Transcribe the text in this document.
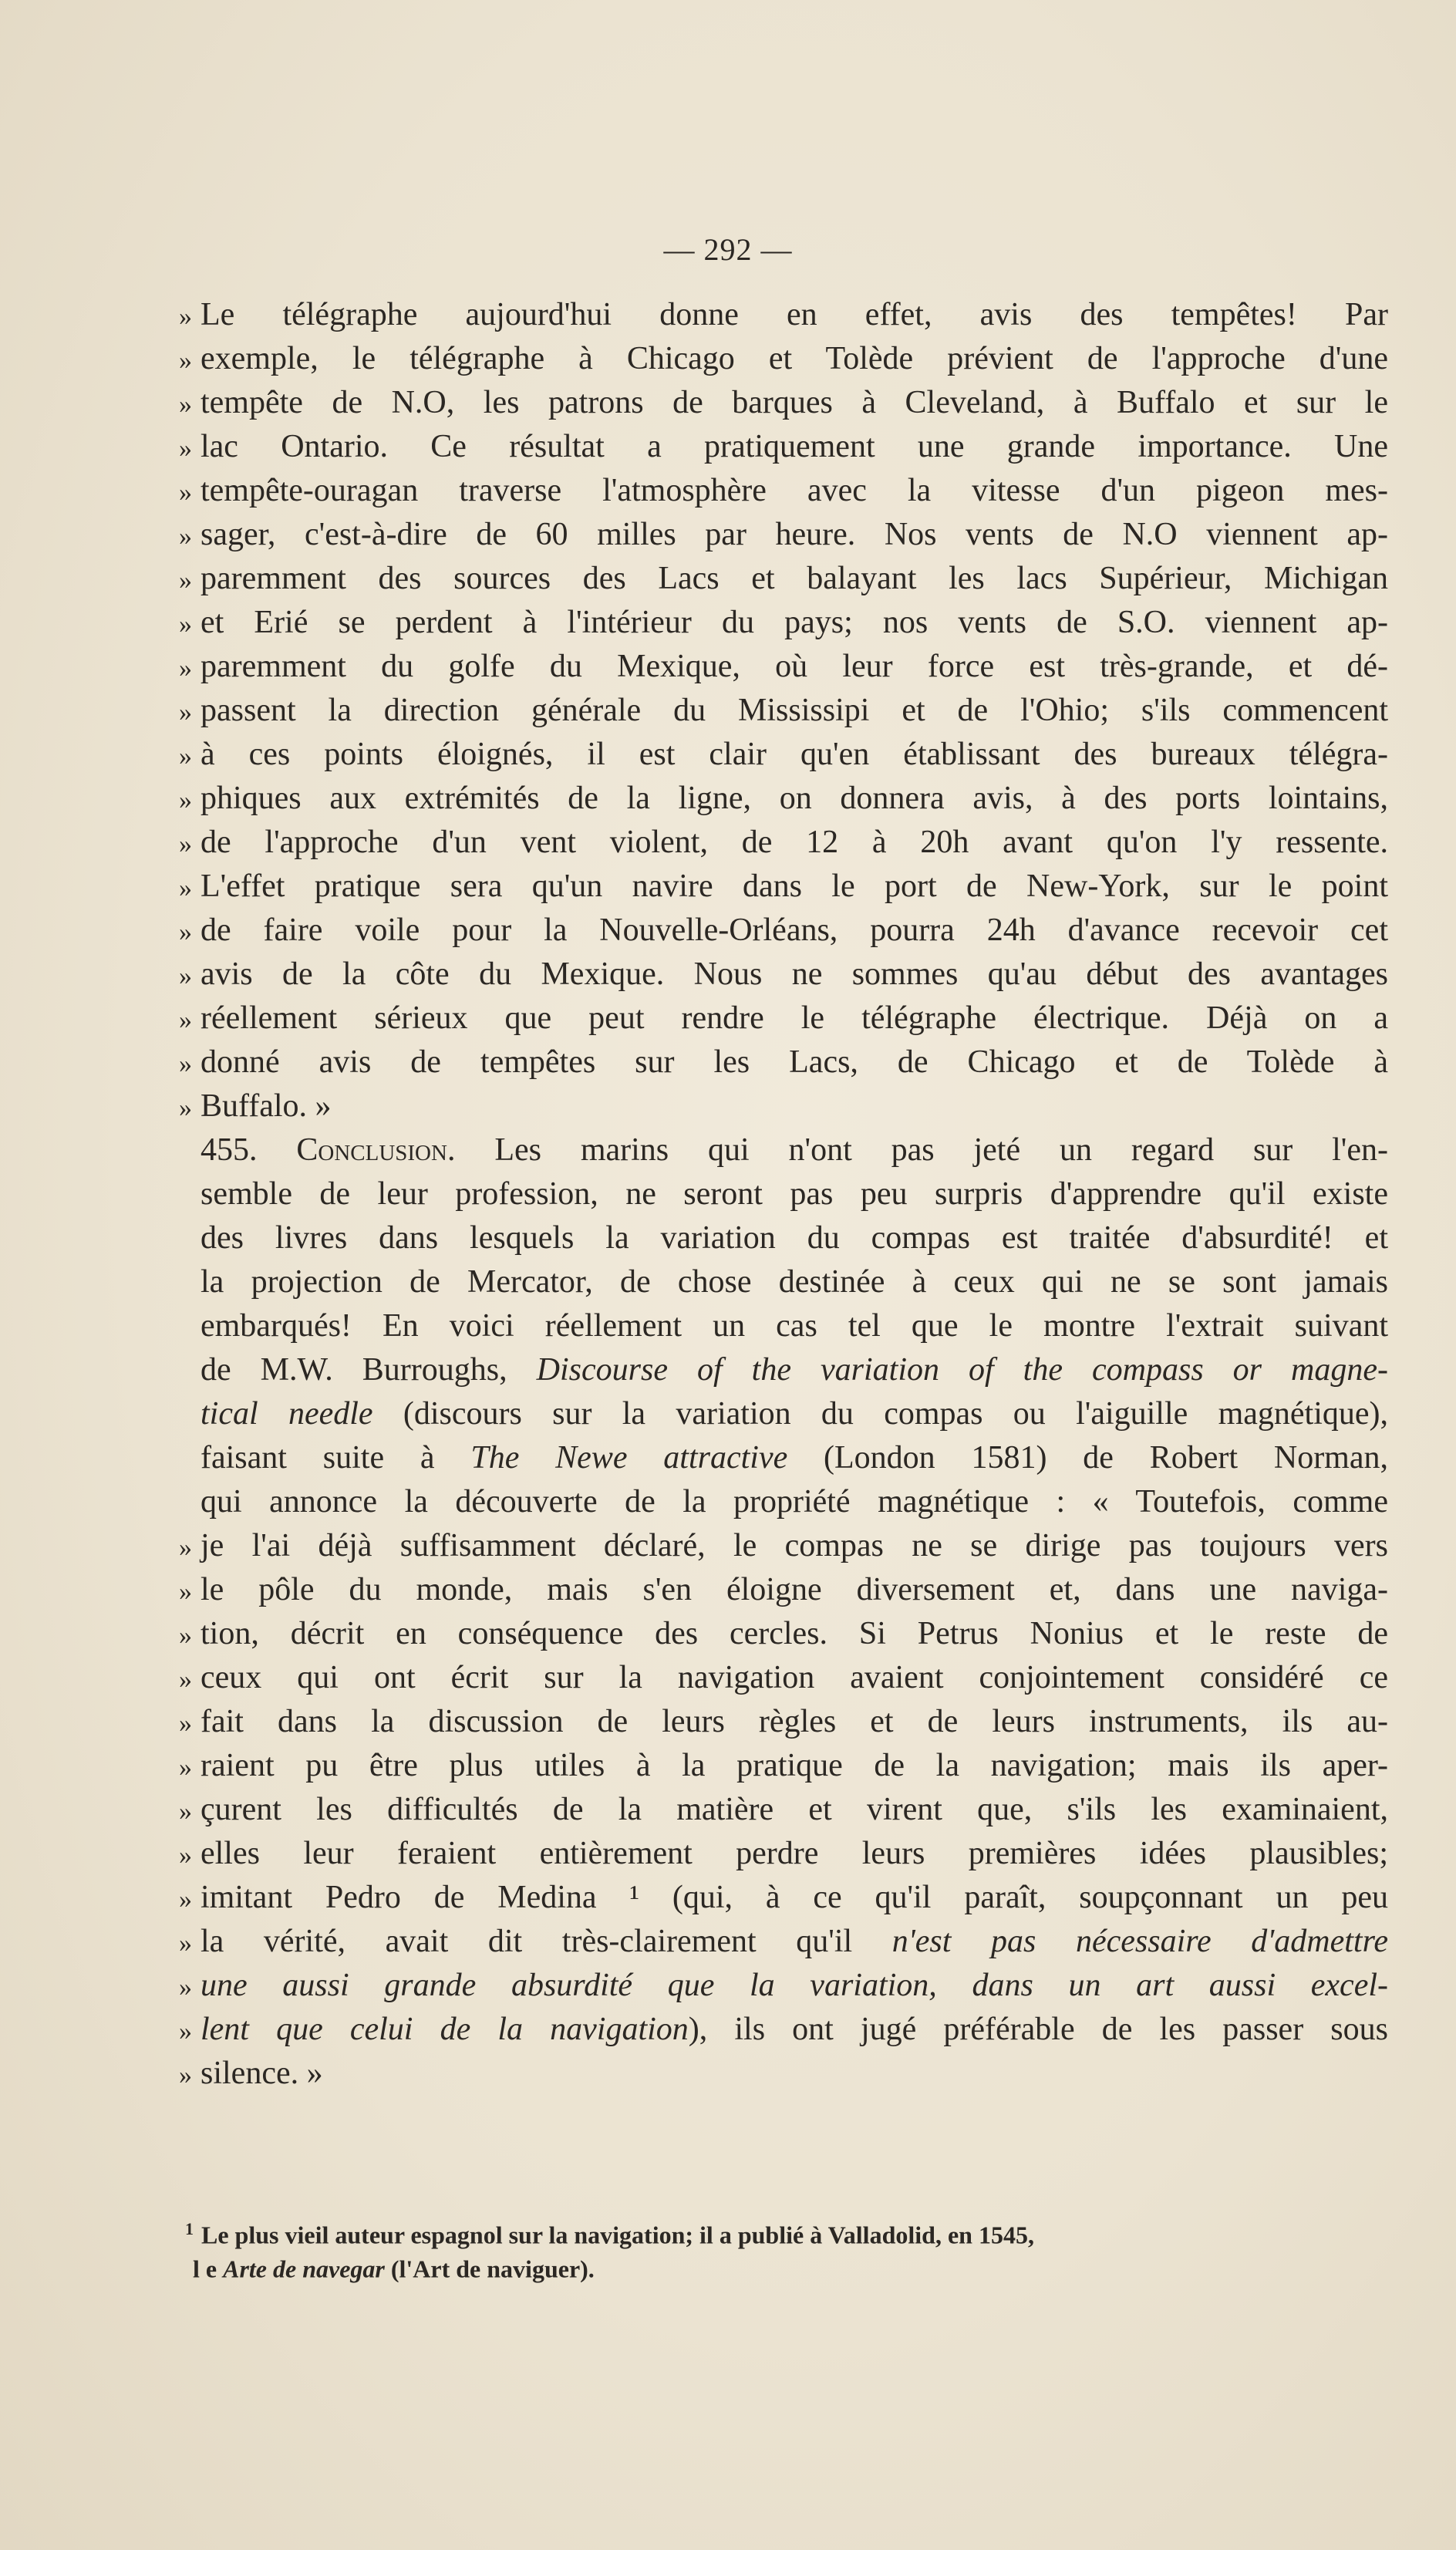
— 292 —
» Le télégraphe aujourd'hui donne en effet, avis des tempêtes! Par
» exemple, le télégraphe à Chicago et Tolède prévient de l'approche d'une
» tempête de N.O, les patrons de barques à Cleveland, à Buffalo et sur le
» lac Ontario. Ce résultat a pratiquement une grande importance. Une
» tempête-ouragan traverse l'atmosphère avec la vitesse d'un pigeon mes-
» sager, c'est-à-dire de 60 milles par heure. Nos vents de N.O viennent ap-
» paremment des sources des Lacs et balayant les lacs Supérieur, Michigan
» et Erié se perdent à l'intérieur du pays; nos vents de S.O. viennent ap-
» paremment du golfe du Mexique, où leur force est très-grande, et dé-
» passent la direction générale du Mississipi et de l'Ohio; s'ils commencent
» à ces points éloignés, il est clair qu'en établissant des bureaux télégra-
» phiques aux extrémités de la ligne, on donnera avis, à des ports lointains,
» de l'approche d'un vent violent, de 12 à 20h avant qu'on l'y ressente.
» L'effet pratique sera qu'un navire dans le port de New-York, sur le point
» de faire voile pour la Nouvelle-Orléans, pourra 24h d'avance recevoir cet
» avis de la côte du Mexique. Nous ne sommes qu'au début des avantages
» réellement sérieux que peut rendre le télégraphe électrique. Déjà on a
» donné avis de tempêtes sur les Lacs, de Chicago et de Tolède à
» Buffalo. »
455. Conclusion. Les marins qui n'ont pas jeté un regard sur l'en-
semble de leur profession, ne seront pas peu surpris d'apprendre qu'il existe
des livres dans lesquels la variation du compas est traitée d'absurdité! et
la projection de Mercator, de chose destinée à ceux qui ne se sont jamais
embarqués! En voici réellement un cas tel que le montre l'extrait suivant
de M.W. Burroughs, Discourse of the variation of the compass or magne-
tical needle (discours sur la variation du compas ou l'aiguille magnétique),
faisant suite à The Newe attractive (London 1581) de Robert Norman,
qui annonce la découverte de la propriété magnétique : « Toutefois, comme
» je l'ai déjà suffisamment déclaré, le compas ne se dirige pas toujours vers
» le pôle du monde, mais s'en éloigne diversement et, dans une naviga-
» tion, décrit en conséquence des cercles. Si Petrus Nonius et le reste de
» ceux qui ont écrit sur la navigation avaient conjointement considéré ce
» fait dans la discussion de leurs règles et de leurs instruments, ils au-
» raient pu être plus utiles à la pratique de la navigation; mais ils aper-
» çurent les difficultés de la matière et virent que, s'ils les examinaient,
» elles leur feraient entièrement perdre leurs premières idées plausibles;
» imitant Pedro de Medina ¹ (qui, à ce qu'il paraît, soupçonnant un peu
» la vérité, avait dit très-clairement qu'il n'est pas nécessaire d'admettre
» une aussi grande absurdité que la variation, dans un art aussi excel-
» lent que celui de la navigation), ils ont jugé préférable de les passer sous
» silence. »
$^1$ Le plus vieil auteur espagnol sur la navigation; il a publié à Valladolid, en 1545,
l e Arte de navegar (l'Art de naviguer).
